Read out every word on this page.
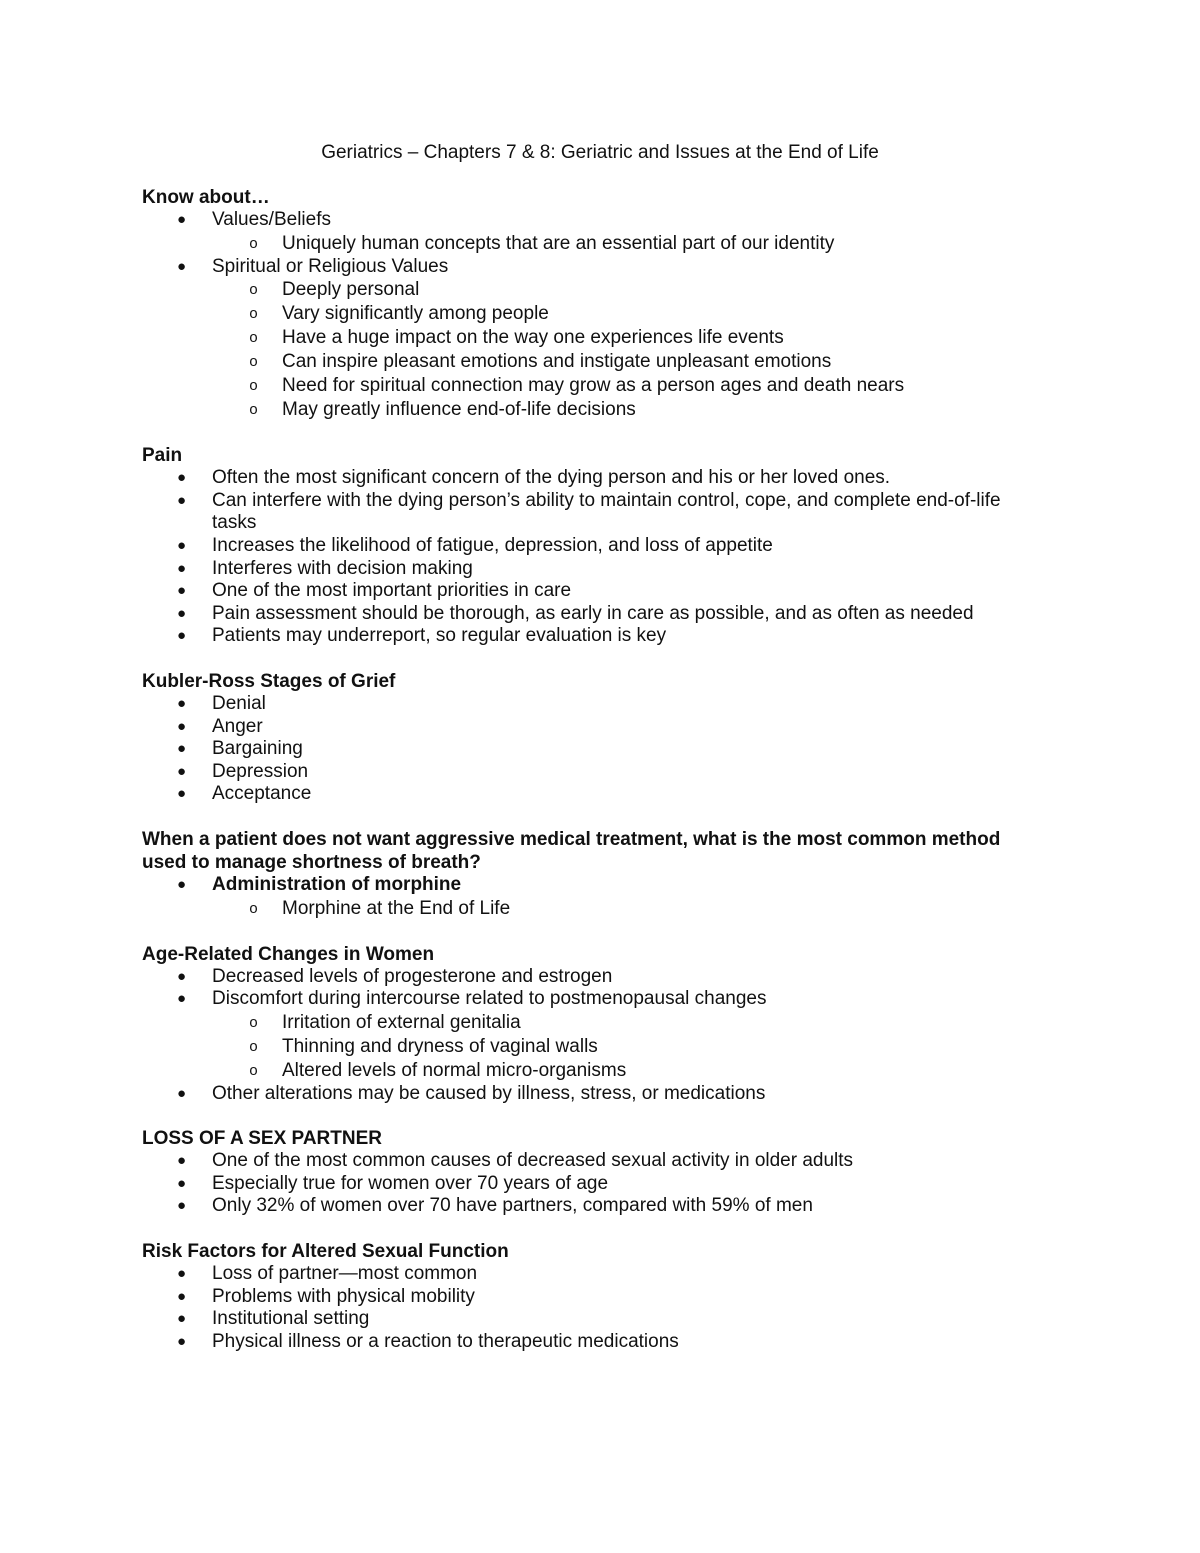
Geriatrics – Chapters 7 & 8: Geriatric and Issues at the End of Life
Know about…
● Values/Beliefs
o Uniquely human concepts that are an essential part of our identity
● Spiritual or Religious Values
o Deeply personal
o Vary significantly among people
o Have a huge impact on the way one experiences life events
o Can inspire pleasant emotions and instigate unpleasant emotions
o Need for spiritual connection may grow as a person ages and death nears
o May greatly influence end-of-life decisions
Pain
● Often the most significant concern of the dying person and his or her loved ones.
● Can interfere with the dying person’s ability to maintain control, cope, and complete end-of-life tasks
● Increases the likelihood of fatigue, depression, and loss of appetite
● Interferes with decision making
● One of the most important priorities in care
● Pain assessment should be thorough, as early in care as possible, and as often as needed
● Patients may underreport, so regular evaluation is key
Kubler-Ross Stages of Grief
● Denial
● Anger
● Bargaining
● Depression
● Acceptance
When a patient does not want aggressive medical treatment, what is the most common method used to manage shortness of breath?
● Administration of morphine
o Morphine at the End of Life
Age-Related Changes in Women
● Decreased levels of progesterone and estrogen
● Discomfort during intercourse related to postmenopausal changes
o Irritation of external genitalia
o Thinning and dryness of vaginal walls
o Altered levels of normal micro-organisms
● Other alterations may be caused by illness, stress, or medications
LOSS OF A SEX PARTNER
● One of the most common causes of decreased sexual activity in older adults
● Especially true for women over 70 years of age
● Only 32% of women over 70 have partners, compared with 59% of men
Risk Factors for Altered Sexual Function
● Loss of partner—most common
● Problems with physical mobility
● Institutional setting
● Physical illness or a reaction to therapeutic medications
